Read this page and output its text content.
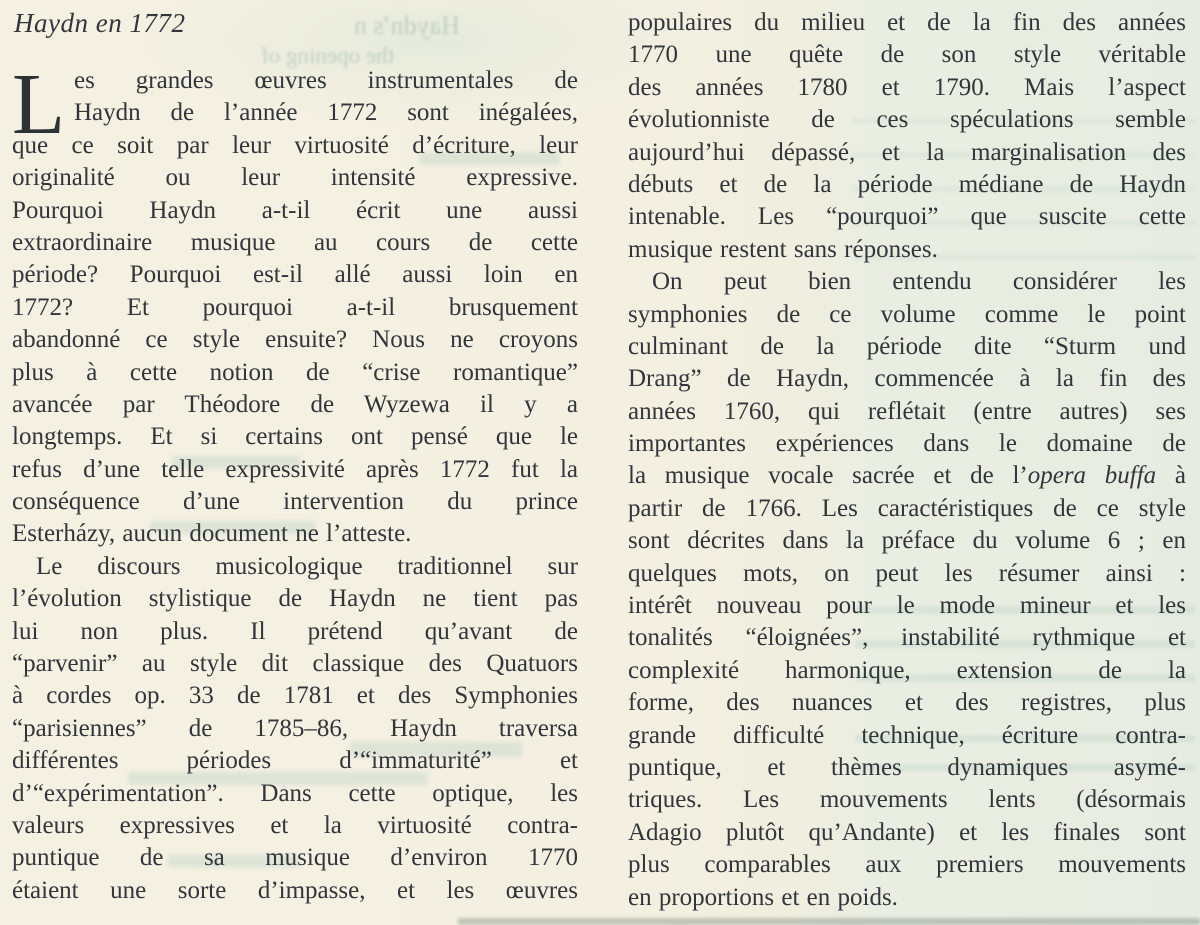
Haydn’s n
the opening of
Haydn en 1772
L es grandes œuvres instrumentales de
Haydn de l’année 1772 sont inégalées,
que ce soit par leur virtuosité d’écriture, leur
originalité ou leur intensité expressive.
Pourquoi Haydn a-t-il écrit une aussi
extraordinaire musique au cours de cette
période? Pourquoi est-il allé aussi loin en
1772? Et pourquoi a-t-il brusquement
abandonné ce style ensuite? Nous ne croyons
plus à cette notion de “crise romantique”
avancée par Théodore de Wyzewa il y a
longtemps. Et si certains ont pensé que le
refus d’une telle expressivité après 1772 fut la
conséquence d’une intervention du prince
Esterházy, aucun document ne l’atteste.
Le discours musicologique traditionnel sur
l’évolution stylistique de Haydn ne tient pas
lui non plus. Il prétend qu’avant de
“parvenir” au style dit classique des Quatuors
à cordes op. 33 de 1781 et des Symphonies
“parisiennes” de 1785–86, Haydn traversa
différentes périodes d’“immaturité” et
d’“expérimentation”. Dans cette optique, les
valeurs expressives et la virtuosité contra-
puntique de sa musique d’environ 1770
étaient une sorte d’impasse, et les œuvres
populaires du milieu et de la fin des années
1770 une quête de son style véritable
des années 1780 et 1790. Mais l’aspect
évolutionniste de ces spéculations semble
aujourd’hui dépassé, et la marginalisation des
débuts et de la période médiane de Haydn
intenable. Les “pourquoi” que suscite cette
musique restent sans réponses.
On peut bien entendu considérer les
symphonies de ce volume comme le point
culminant de la période dite “Sturm und
Drang” de Haydn, commencée à la fin des
années 1760, qui reflétait (entre autres) ses
importantes expériences dans le domaine de
la musique vocale sacrée et de l’opera buffa à
partir de 1766. Les caractéristiques de ce style
sont décrites dans la préface du volume 6 ; en
quelques mots, on peut les résumer ainsi :
intérêt nouveau pour le mode mineur et les
tonalités “éloignées”, instabilité rythmique et
complexité harmonique, extension de la
forme, des nuances et des registres, plus
grande difficulté technique, écriture contra-
puntique, et thèmes dynamiques asymé-
triques. Les mouvements lents (désormais
Adagio plutôt qu’Andante) et les finales sont
plus comparables aux premiers mouvements
en proportions et en poids.
